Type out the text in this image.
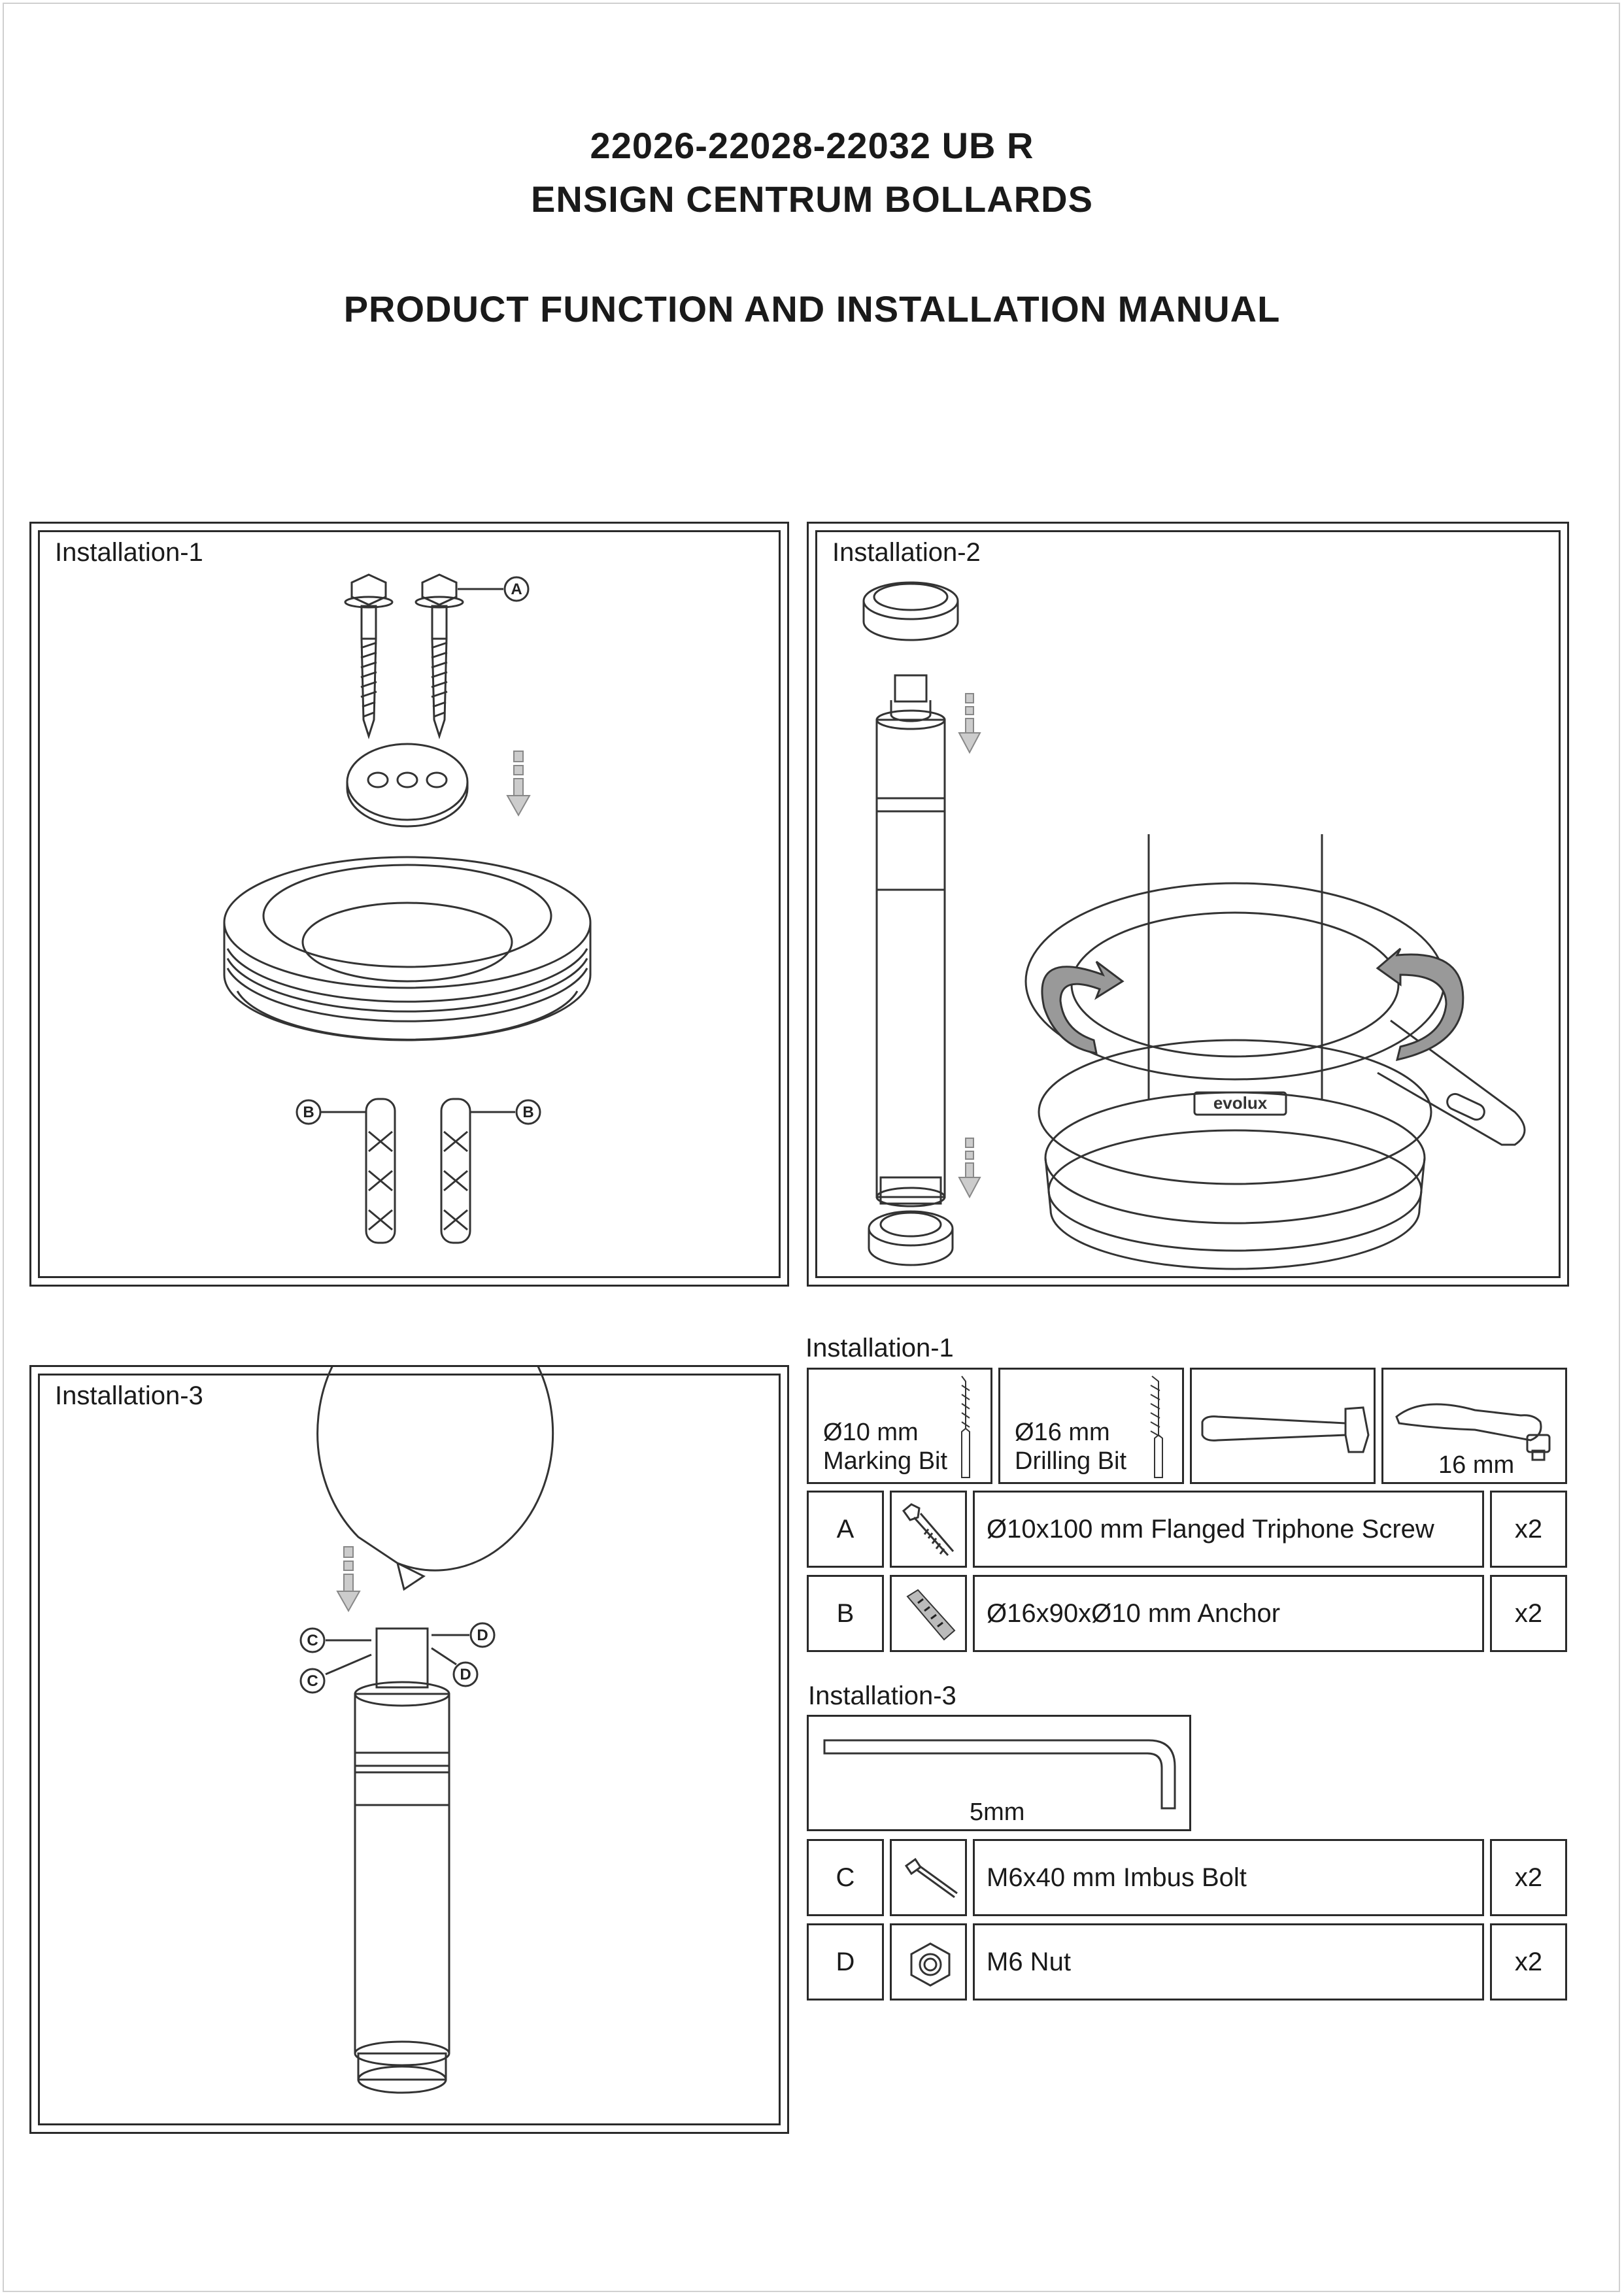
22026-22028-22032 UB R
ENSIGN CENTRUM BOLLARDS
PRODUCT FUNCTION AND INSTALLATION MANUAL
Installation-1
A
B	B
Installation-2
evolux
Installation-3
D
C
D
C
Installation-1
Ø10 mm
Marking Bit
Ø16 mm
Drilling Bit	16 mm
A	Ø10x100 mm Flanged Triphone Screw	x2
B	Ø16x90xØ10 mm Anchor	x2
Installation-3
5mm
C	M6x40 mm Imbus Bolt	x2
D	M6 Nut	x2
